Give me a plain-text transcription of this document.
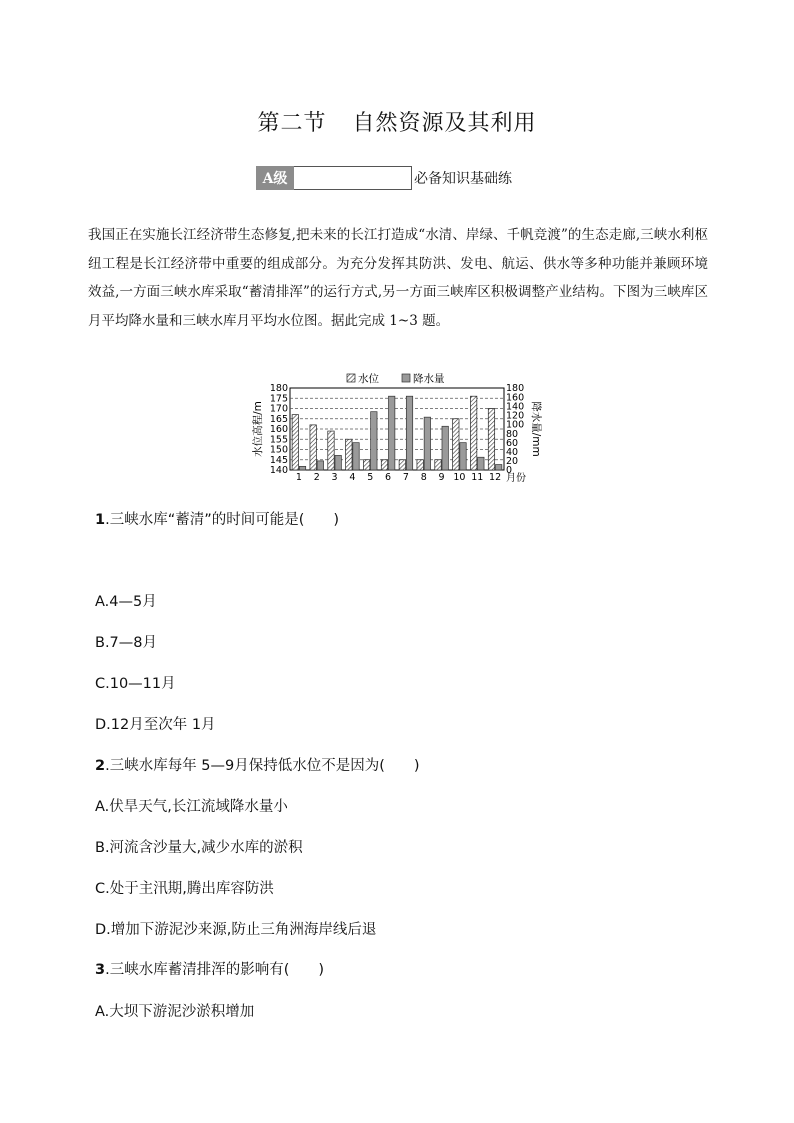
第二节 自然资源及其利用
A级	必备知识基础练
我国正在实施长江经济带生态修复,把未来的长江打造成“水清、岸绿、千帆竞渡”的生态走廊,三峡水利枢纽工程是长江经济带中重要的组成部分。为充分发挥其防洪、发电、航运、供水等多种功能并兼顾环境效益,一方面三峡水库采取“蓄清排浑”的运行方式,另一方面三峡库区积极调整产业结构。下图为三峡库区月平均降水量和三峡水库月平均水位图。据此完成 1~3 题。
1 2 3 4 5 6 7 8 9 10 11 12
140
145
150
155
160
165
170
175
180
0
20
40
60
80
100
120
140
160
180
水位高程/m	降水量/mm
月份
水位	降水量
1.三峡水库“蓄清”的时间可能是(　　)
A.4—5月
B.7—8月
C.10—11月
D.12月至次年 1月
2.三峡水库每年 5—9月保持低水位不是因为(　　)
A.伏旱天气,长江流域降水量小
B.河流含沙量大,减少水库的淤积
C.处于主汛期,腾出库容防洪
D.增加下游泥沙来源,防止三角洲海岸线后退
3.三峡水库蓄清排浑的影响有(　　)
A.大坝下游泥沙淤积增加
